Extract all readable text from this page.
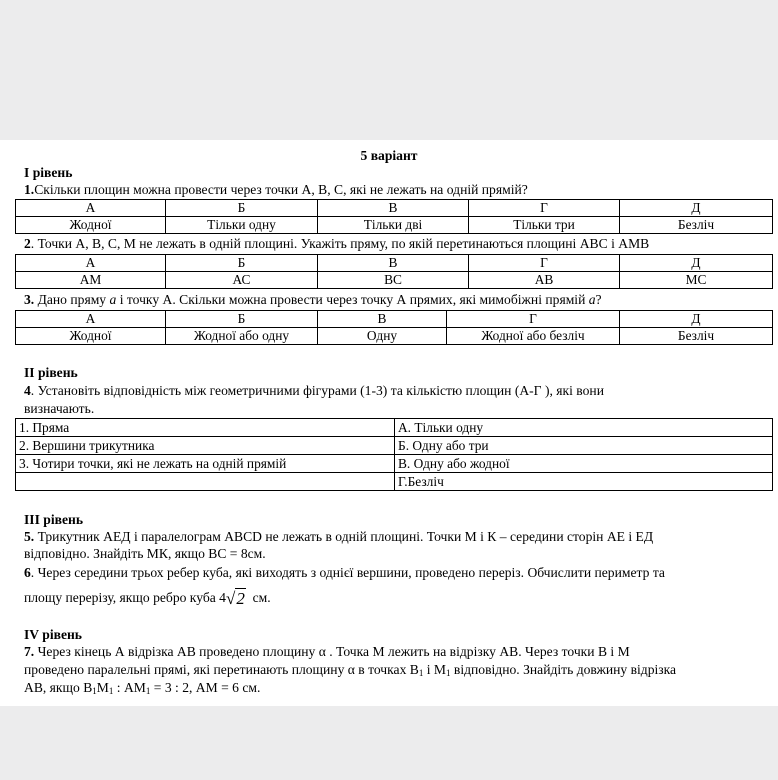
5 варіант
І рівень
1.Скільки площин можна провести через точки А, В, С, які не лежать на одній прямій?
А	Б	В	Г	Д
Жодної	Тільки одну	Тільки дві	Тільки три	Безліч
2. Точки А, В, С, М не лежать в одній площині. Укажіть пряму, по якій перетинаються площині АВС і АМВ
А	Б	В	Г	Д
АМ	АС	ВС	АВ	МС
3. Дано пряму a і точку А. Скільки можна провести через точку А прямих, які мимобіжні прямій a?
А	Б	В	Г	Д
Жодної	Жодної або одну	Одну	Жодної або безліч	Безліч
ІІ рівень
4. Установіть відповідність між геометричними фігурами (1-3) та кількістю площин (А-Г ), які вони
визначають.
1. Пряма	А. Тільки одну
2. Вершини трикутника	Б. Одну або три
3. Чотири точки, які не лежать на одній прямій	В. Одну або жодної
	Г.Безліч
ІІІ рівень
5. Трикутник АЕД і паралелограм АВСD не лежать в одній площині. Точки М і К – середини сторін АЕ і ЕД
відповідно. Знайдіть МК, якщо ВС = 8см.
6. Через середини трьох ребер куба, які виходять з однієї вершини, проведено переріз. Обчислити периметр та
площу перерізу, якщо ребро куба 4√2 см.
ІV рівень
7. Через кінець А відрізка АВ проведено площину α . Точка М лежить на відрізку АВ. Через точки В і М
проведено паралельні прямі, які перетинають площину α в точках $В_1$ і $М_1$ відповідно. Знайдіть довжину відрізка
АВ, якщо $В_1М_1$ : $АМ_1 = 3$ : 2, АМ = 6 см.
